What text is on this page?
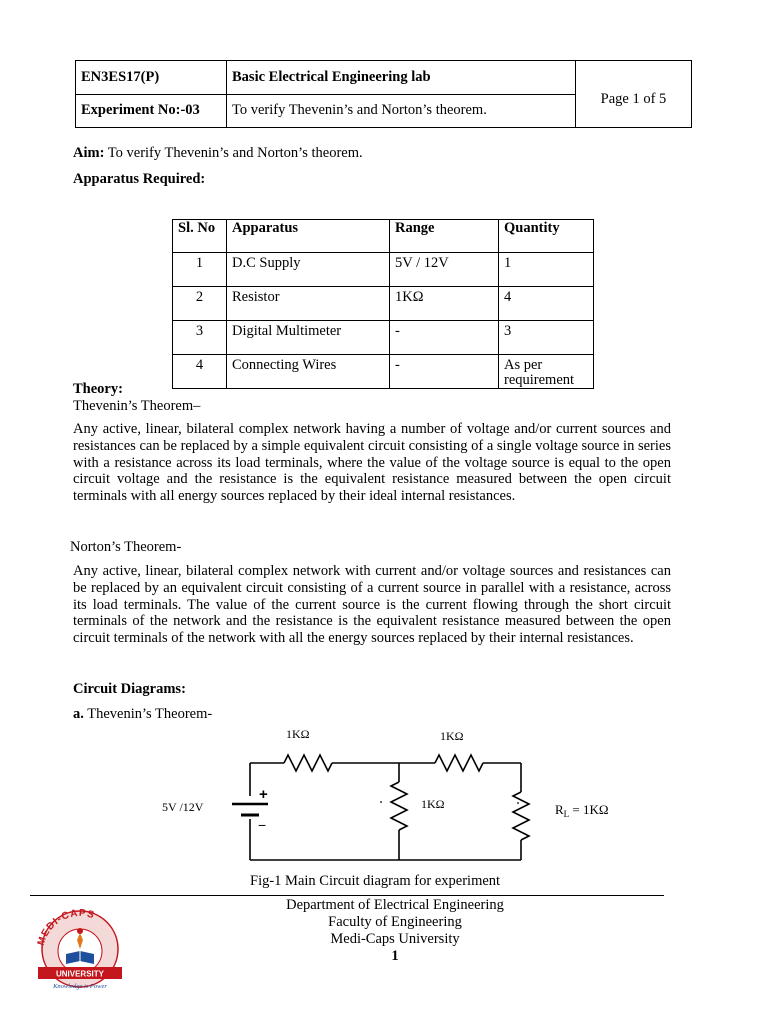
EN3ES17(P)	Basic Electrical Engineering lab	Page 1 of 5
Experiment No:-03	To verify Thevenin’s and Norton’s theorem.	
Aim: To verify Thevenin’s and Norton’s theorem.
Apparatus Required:
Sl. No	Apparatus	Range	Quantity
1	D.C Supply	5V / 12V	1
2	Resistor	1KΩ	4
3	Digital Multimeter	-	3
4	Connecting Wires	-	As per requirement
Theory:
Thevenin’s Theorem–
Any active, linear, bilateral complex network having a number of voltage and/or current sources and resistances can be replaced by a simple equivalent circuit consisting of a single voltage source in series with a resistance across its load terminals, where the value of the voltage source is equal to the open circuit voltage and the resistance is the equivalent resistance measured between the open circuit terminals with all energy sources replaced by their ideal internal resistances.
Norton’s Theorem-
Any active, linear, bilateral complex network with current and/or voltage sources and resistances can be replaced by an equivalent circuit consisting of a current source in parallel with a resistance, across its load terminals. The value of the current source is the current flowing through the short circuit terminals of the network and the resistance is the equivalent resistance measured between the open circuit terminals of the network with all the energy sources replaced by their internal resistances.
Circuit Diagrams:
a. Thevenin’s Theorem-
+
−
5V /12V
1KΩ	1KΩ
1KΩ	$R_L = 1K\Omega$
Fig-1 Main Circuit diagram for experiment
MEDI-CAPS
UNIVERSITY
Knowledge is Power
Department of Electrical Engineering
Faculty of Engineering
Medi-Caps University
1
